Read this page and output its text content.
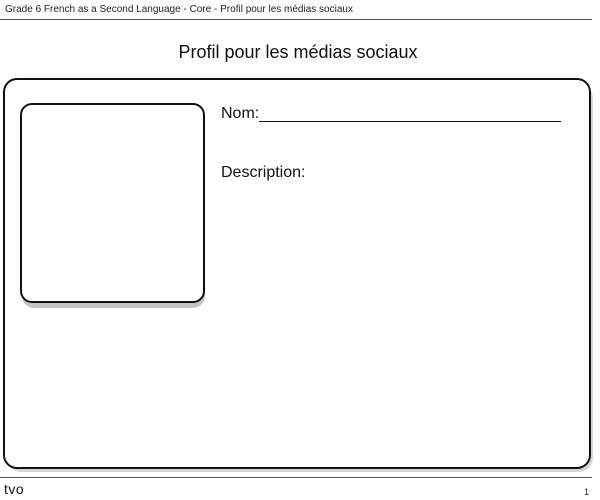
Grade 6 French as a Second Language - Core - Profil pour les médias sociaux
Profil pour les médias sociaux
Nom:
Description:
tvo	1
